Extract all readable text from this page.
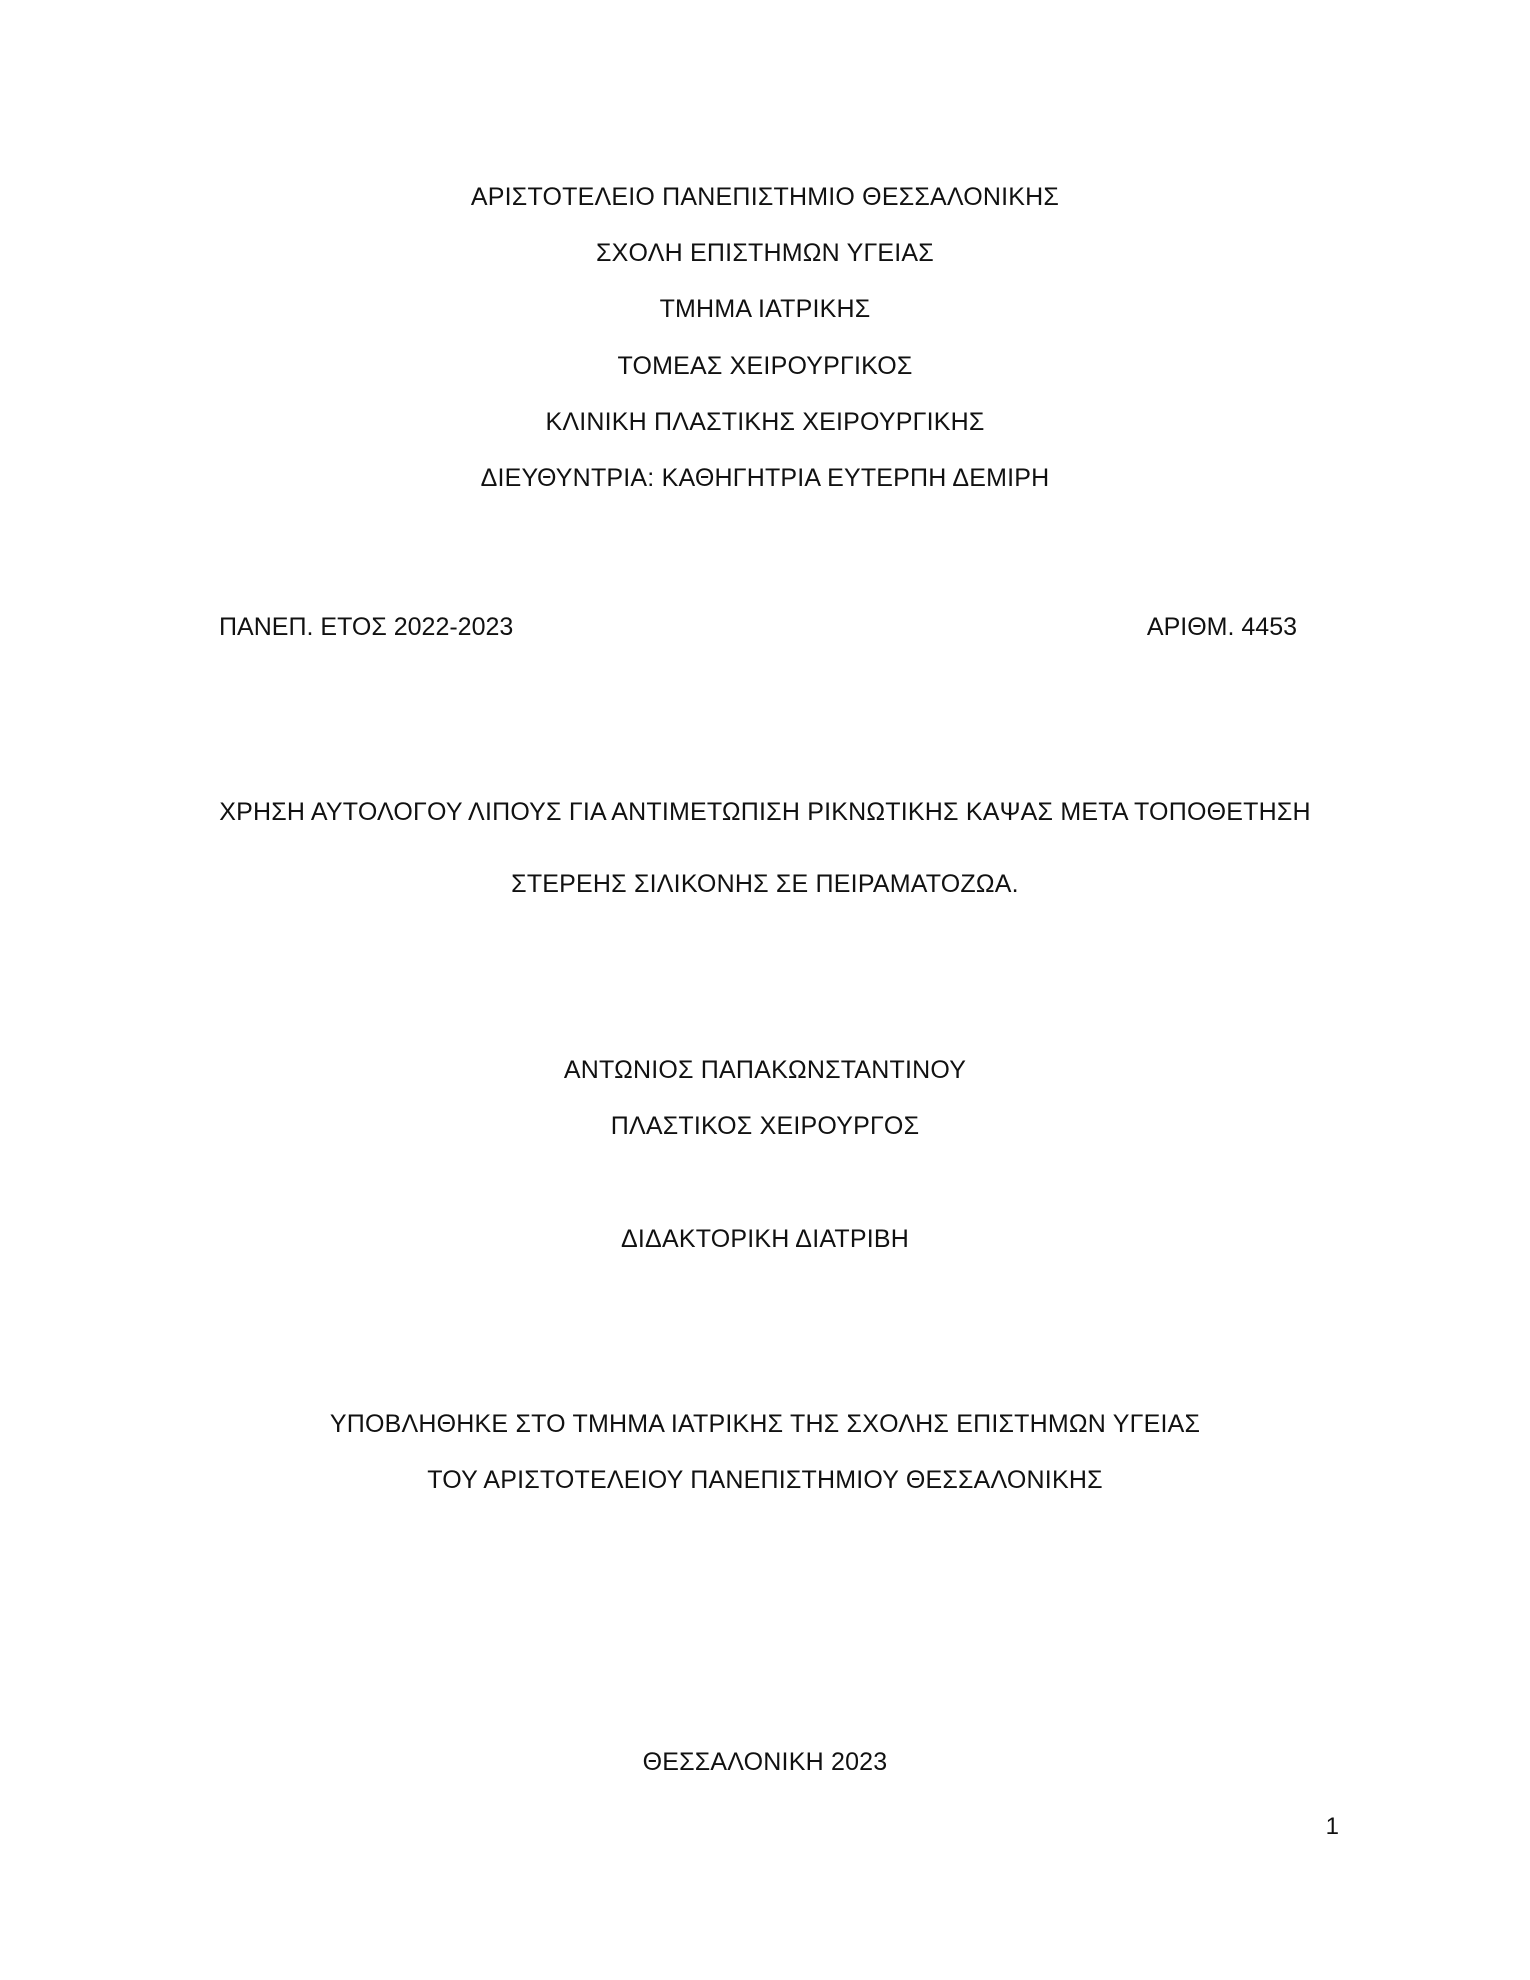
ΑΡΙΣΤΟΤΕΛΕΙΟ ΠΑΝΕΠΙΣΤΗΜΙΟ ΘΕΣΣΑΛΟΝΙΚΗΣ
ΣΧΟΛΗ ΕΠΙΣΤΗΜΩΝ ΥΓΕΙΑΣ
ΤΜΗΜΑ ΙΑΤΡΙΚΗΣ
ΤΟΜΕΑΣ ΧΕΙΡΟΥΡΓΙΚΟΣ
ΚΛΙΝΙΚΗ ΠΛΑΣΤΙΚΗΣ ΧΕΙΡΟΥΡΓΙΚΗΣ
ΔΙΕΥΘΥΝΤΡΙΑ: ΚΑΘΗΓΗΤΡΙΑ ΕΥΤΕΡΠΗ ΔΕΜΙΡΗ
ΠΑΝΕΠ. ΕΤΟΣ 2022-2023	ΑΡΙΘΜ. 4453
ΧΡΗΣΗ ΑΥΤΟΛΟΓΟΥ ΛΙΠΟΥΣ ΓΙΑ ΑΝΤΙΜΕΤΩΠΙΣΗ ΡΙΚΝΩΤΙΚΗΣ ΚΑΨΑΣ ΜΕΤΑ ΤΟΠΟΘΕΤΗΣΗ
ΣΤΕΡΕΗΣ ΣΙΛΙΚΟΝΗΣ ΣΕ ΠΕΙΡΑΜΑΤΟΖΩΑ.
ΑΝΤΩΝΙΟΣ ΠΑΠΑΚΩΝΣΤΑΝΤΙΝΟΥ
ΠΛΑΣΤΙΚΟΣ ΧΕΙΡΟΥΡΓΟΣ
ΔΙΔΑΚΤΟΡΙΚΗ ΔΙΑΤΡΙΒΗ
ΥΠΟΒΛΗΘΗΚΕ ΣΤΟ ΤΜΗΜΑ ΙΑΤΡΙΚΗΣ ΤΗΣ ΣΧΟΛΗΣ ΕΠΙΣΤΗΜΩΝ ΥΓΕΙΑΣ
ΤΟΥ ΑΡΙΣΤΟΤΕΛΕΙΟΥ ΠΑΝΕΠΙΣΤΗΜΙΟΥ ΘΕΣΣΑΛΟΝΙΚΗΣ
ΘΕΣΣΑΛΟΝΙΚΗ 2023
1
